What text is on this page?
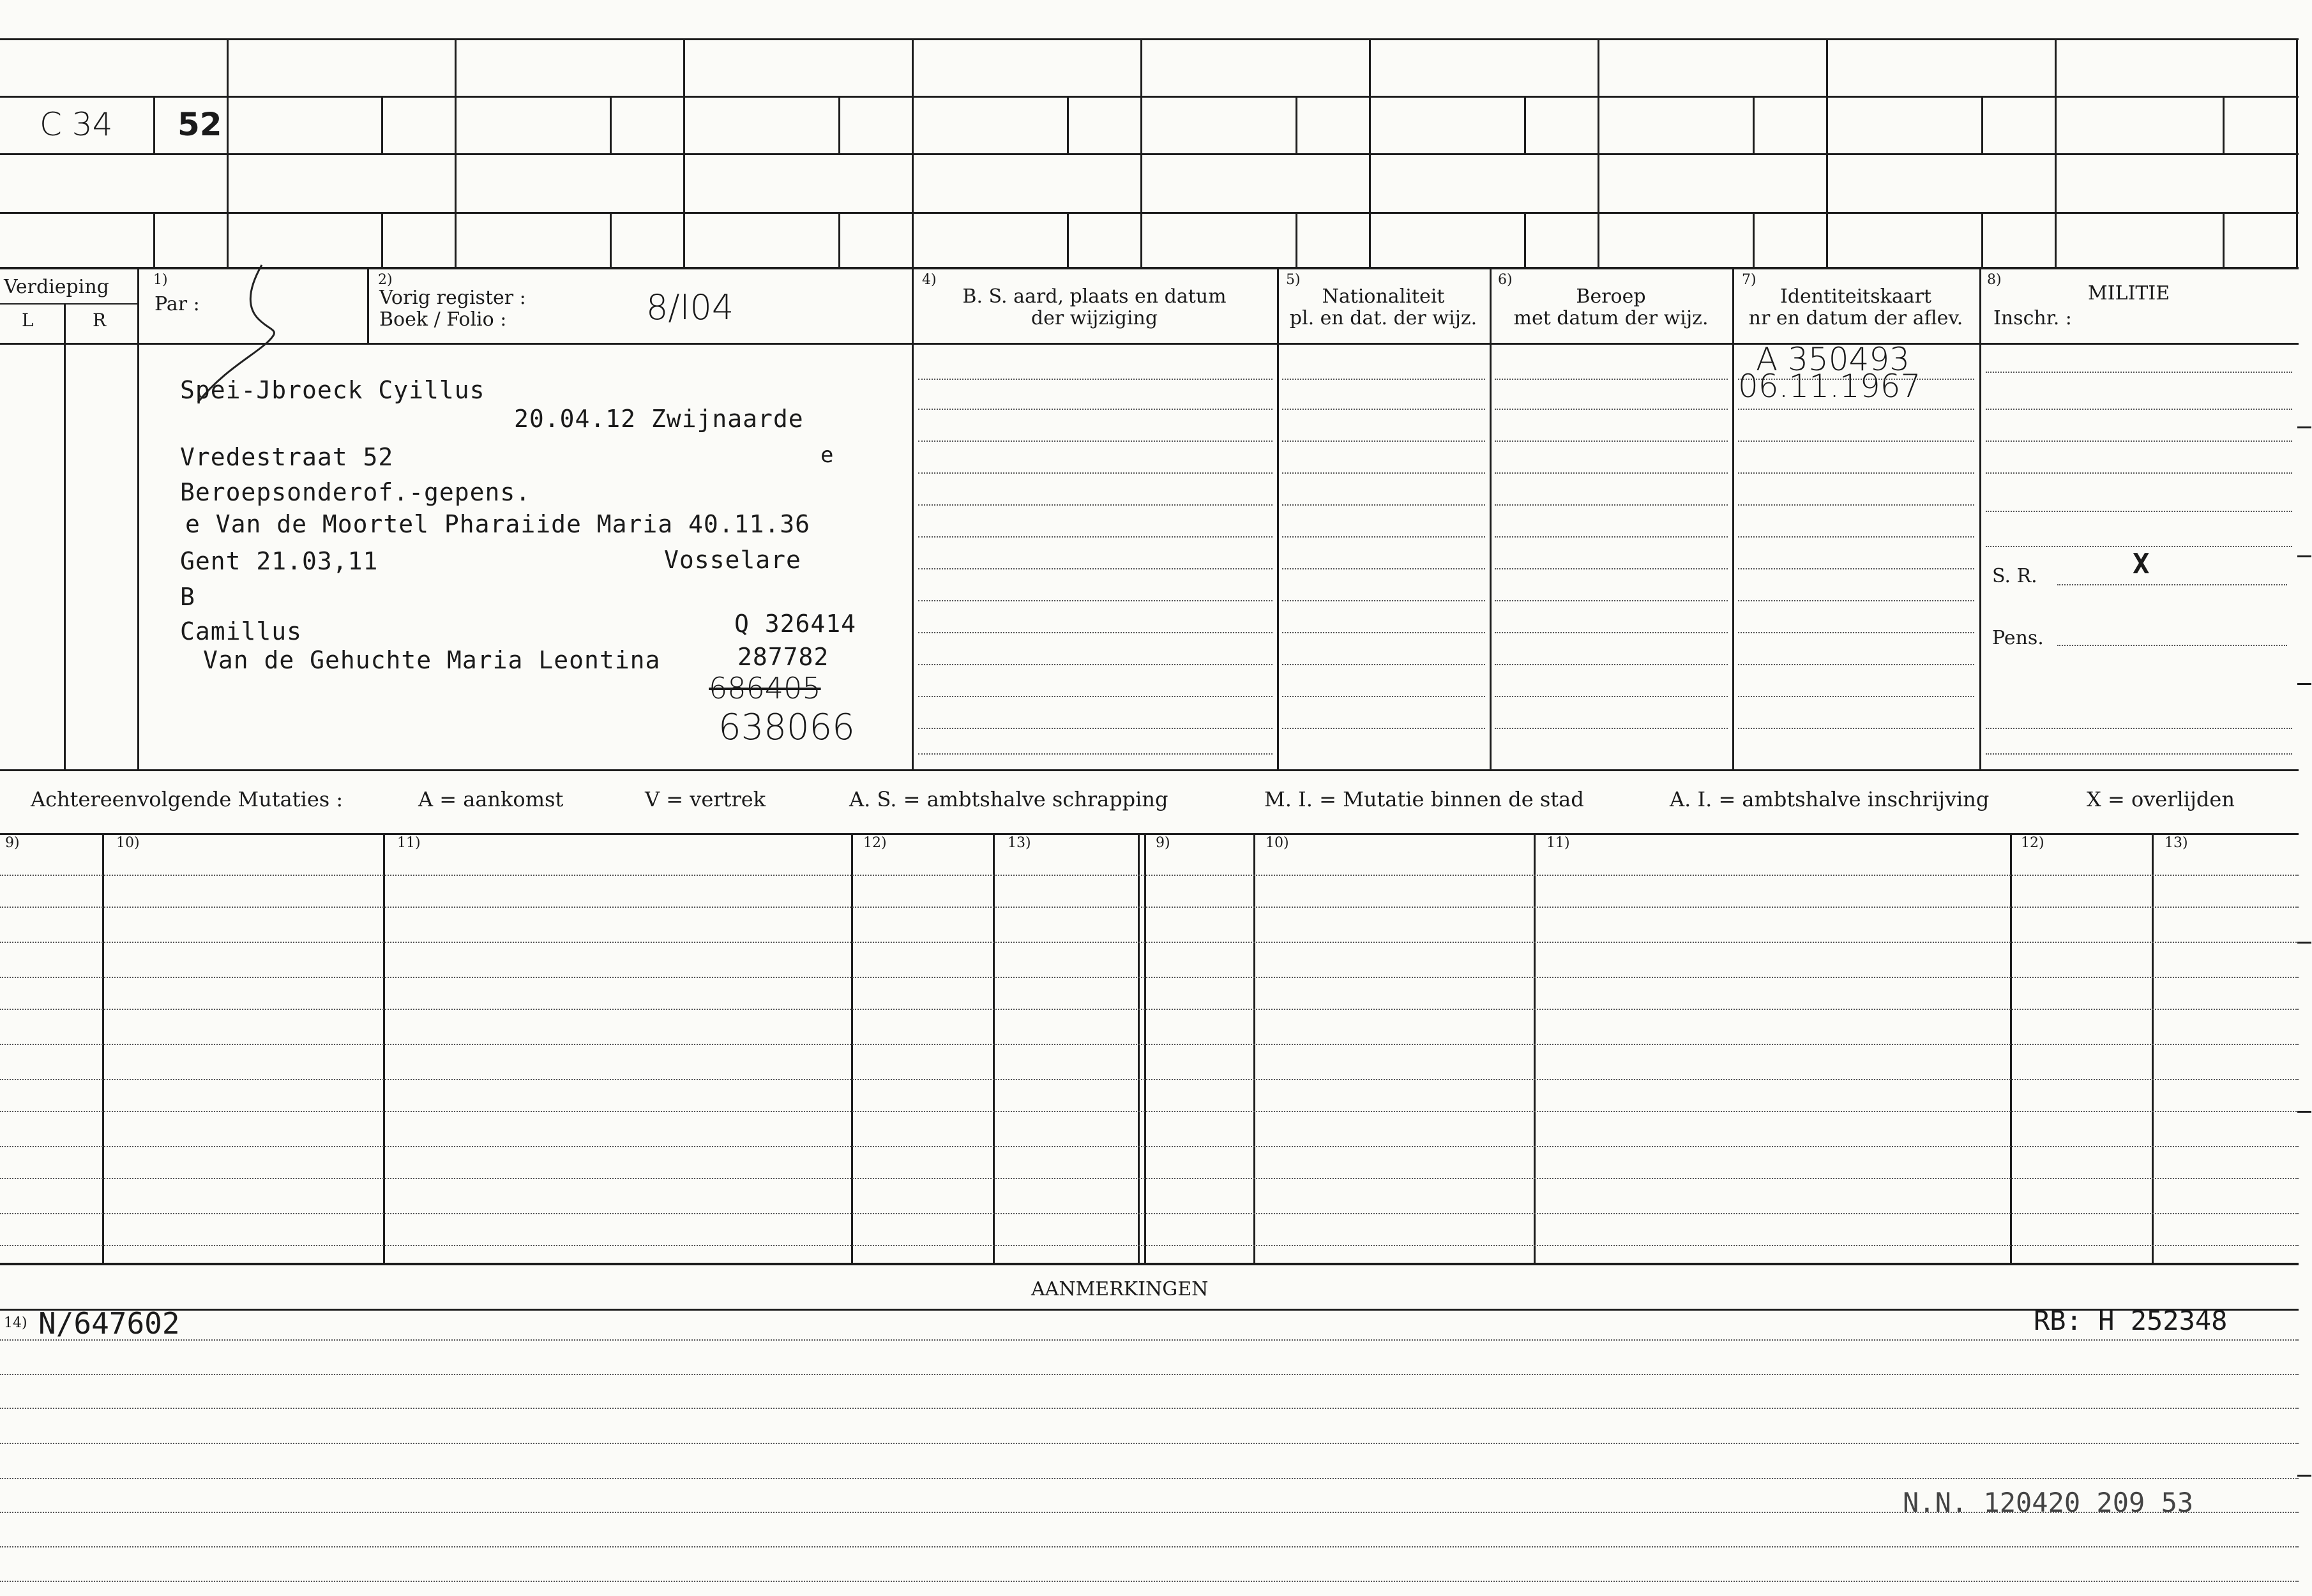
C 34 52
Verdieping
L	R
1)
Par :
2)
Vorig register :
Boek / Folio :	8/I04
4)
B. S. aard, plaats en datum
der wijziging
5)
Nationaliteit
pl. en dat. der wijz.
6)
Beroep
met datum der wijz.
7)
Identiteitskaart
nr en datum der aflev.
8)
MILITIE
Inschr. :
Spei-Jbroeck Cyillus
20.04.12 Zwijnaarde
Vredestraat 52	e
Beroepsonderof.-gepens.
e Van de Moortel Pharaiide Maria 40.11.36
Gent 21.03,11	Vosselare
B
Camillus	Q 326414
Van de Gehuchte Maria Leontina	287782
686405
638066
A 350493
06.11.1967
S. R.	X
Pens.
Achtereenvolgende Mutaties :	A = aankomst	V = vertrek	A. S. = ambtshalve schrapping	M. I. = Mutatie binnen de stad	A. I. = ambtshalve inschrijving	X = overlijden
9)	10)	11)	12)	13)	9)	10)	11)	12)	13)
AANMERKINGEN
14) N/647602	RB: H 252348
N.N. 120420 209 53
